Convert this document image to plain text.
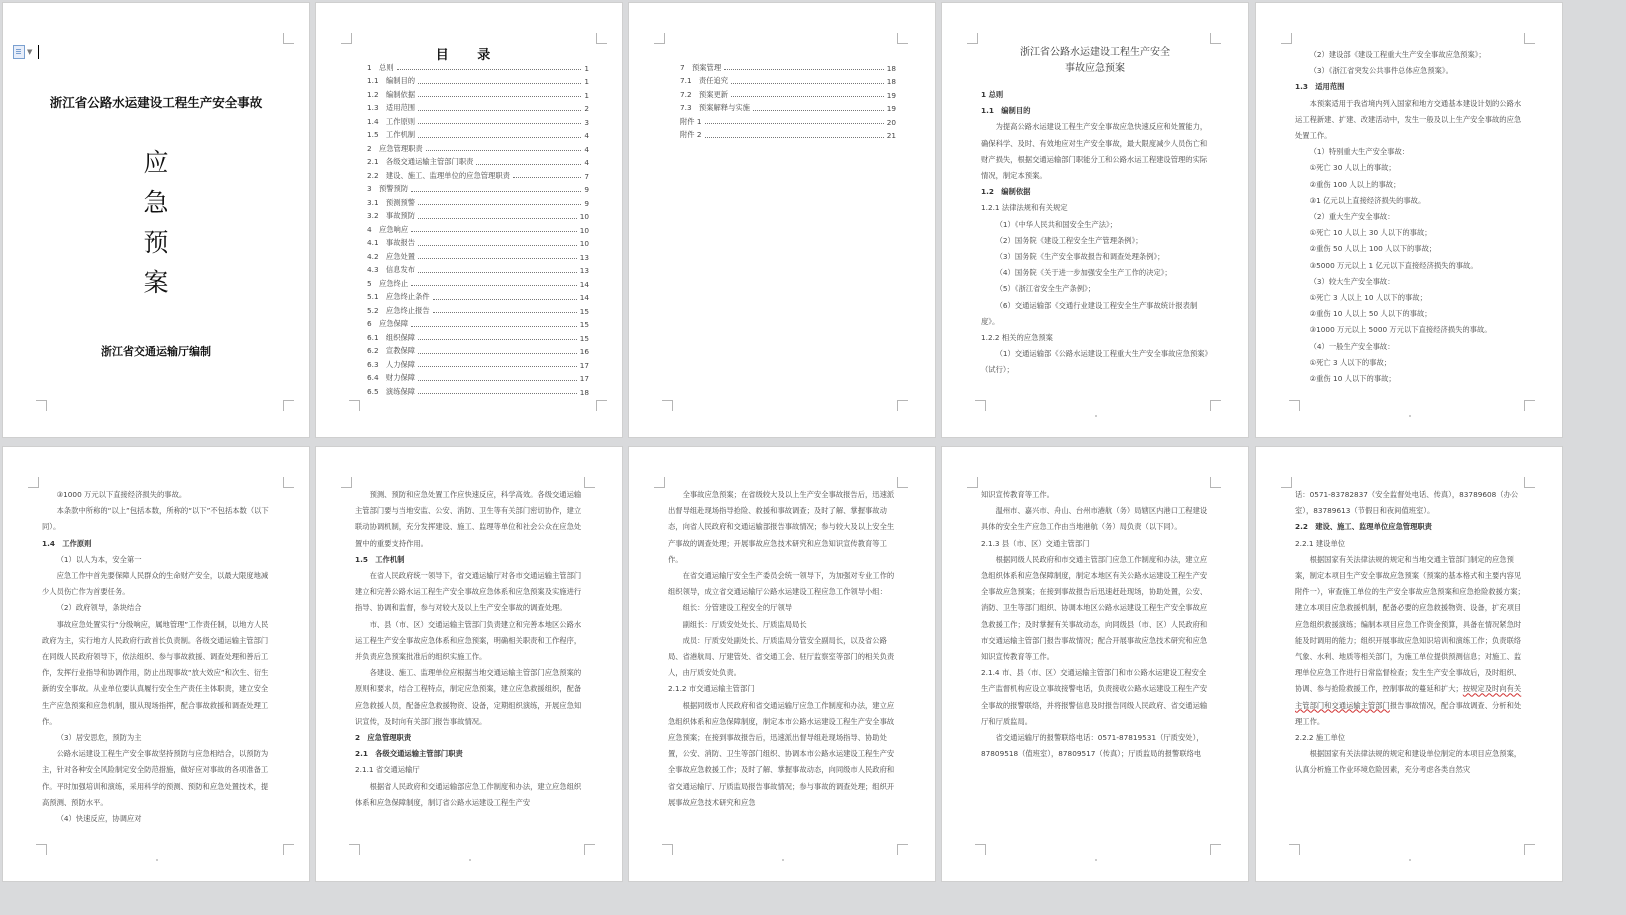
▼
浙江省公路水运建设工程生产安全事故
应
急
预
案
浙江省交通运输厅编制
目 录
1　总则	1
1.1　编制目的	1
1.2　编制依据	1
1.3　适用范围	2
1.4　工作原则	3
1.5　工作机制	4
2　应急管理职责	4
2.1　各级交通运输主管部门职责	4
2.2　建设、施工、监理单位的应急管理职责	7
3　预警预防	9
3.1　预测预警	9
3.2　事故预防	10
4　应急响应	10
4.1　事故报告	10
4.2　应急处置	13
4.3　信息发布	13
5　应急终止	14
5.1　应急终止条件	14
5.2　应急终止报告	15
6　应急保障	15
6.1　组织保障	15
6.2　宣教保障	16
6.3　人力保障	17
6.4　财力保障	17
6.5　演练保障	18
7　预案管理	18
7.1　责任追究	18
7.2　预案更新	19
7.3　预案解释与实施	19
附件 1	20
附件 2	21
浙江省公路水运建设工程生产安全
事故应急预案
1 总则
1.1　编制目的
为提高公路水运建设工程生产安全事故应急快速反应和处置能力，确保科学、及时、有效地应对生产安全事故，最大限度减少人员伤亡和财产损失，根据交通运输部门职能分工和公路水运工程建设管理的实际情况，制定本预案。
1.2　编制依据
1.2.1 法律法规和有关规定
（1）《中华人民共和国安全生产法》；
（2）国务院《建设工程安全生产管理条例》；
（3）国务院《生产安全事故报告和调查处理条例》；
（4）国务院《关于进一步加强安全生产工作的决定》；
（5）《浙江省安全生产条例》；
（6）交通运输部《交通行业建设工程安全生产事故统计报表制度》。
1.2.2 相关的应急预案
（1）交通运输部《公路水运建设工程重大生产安全事故应急预案》（试行）；
（2）建设部《建设工程重大生产安全事故应急预案》；
（3）《浙江省突发公共事件总体应急预案》。
1.3　适用范围
本预案适用于我省境内列入国家和地方交通基本建设计划的公路水运工程新建、扩建、改建活动中，发生一般及以上生产安全事故的应急处置工作。
（1）特别重大生产安全事故：
①死亡 30 人以上的事故；
②重伤 100 人以上的事故；
③1 亿元以上直接经济损失的事故。
（2）重大生产安全事故：
①死亡 10 人以上 30 人以下的事故；
②重伤 50 人以上 100 人以下的事故；
③5000 万元以上 1 亿元以下直接经济损失的事故。
（3）较大生产安全事故：
①死亡 3 人以上 10 人以下的事故；
②重伤 10 人以上 50 人以下的事故；
③1000 万元以上 5000 万元以下直接经济损失的事故。
（4）一般生产安全事故：
①死亡 3 人以下的事故；
②重伤 10 人以下的事故；
③1000 万元以下直接经济损失的事故。
本条款中所称的“以上”包括本数，所称的“以下”不包括本数（以下同）。
1.4　工作原则
（1）以人为本，安全第一
应急工作中首先要保障人民群众的生命财产安全，以最大限度地减少人员伤亡作为首要任务。
（2）政府领导，条块结合
事故应急处置实行“分级响应，属地管理”工作责任制，以地方人民政府为主，实行地方人民政府行政首长负责制。各级交通运输主管部门在同级人民政府领导下，依法组织、参与事故救援、调查处理和善后工作，发挥行业指导和协调作用，防止出现事故“放大效应”和次生、衍生新的安全事故。从业单位要认真履行安全生产责任主体职责，建立安全生产应急预案和应急机制，服从现场指挥，配合事故救援和调查处理工作。
（3）居安思危，预防为主
公路水运建设工程生产安全事故坚持预防与应急相结合，以预防为主，针对各种安全风险制定安全防范措施，做好应对事故的各项准备工作。平时加强培训和演练，采用科学的预测、预防和应急处置技术，提高预测、预防水平。
（4）快速反应，协调应对
预测、预防和应急处置工作应快速反应，科学高效。各级交通运输主管部门要与当地安监、公安、消防、卫生等有关部门密切协作，建立联动协调机制，充分发挥建设、施工、监理等单位和社会公众在应急处置中的重要支持作用。
1.5　工作机制
在省人民政府统一领导下，省交通运输厅对各市交通运输主管部门建立和完善公路水运工程生产安全事故应急体系和应急预案及实施进行指导、协调和监督，参与对较大及以上生产安全事故的调查处理。
市、县（市、区）交通运输主管部门负责建立和完善本地区公路水运工程生产安全事故应急体系和应急预案，明确相关职责和工作程序，并负责应急预案批准后的组织实施工作。
各建设、施工、监理单位应根据当地交通运输主管部门应急预案的原则和要求，结合工程特点，制定应急预案，建立应急救援组织，配备应急救援人员，配备应急救援物资、设备，定期组织演练，开展应急知识宣传，及时向有关部门报告事故情况。
2　应急管理职责
2.1　各级交通运输主管部门职责
2.1.1 省交通运输厅
根据省人民政府和交通运输部应急工作制度和办法，建立应急组织体系和应急保障制度，制订省公路水运建设工程生产安
全事故应急预案；在省级较大及以上生产安全事故报告后，迅速派出督导组赴现场指导抢险、救援和事故调查；及时了解、掌握事故动态，向省人民政府和交通运输部报告事故情况；参与较大及以上安全生产事故的调查处理；开展事故应急技术研究和应急知识宣传教育等工作。
在省交通运输厅安全生产委员会统一领导下，为加强对专业工作的组织领导，成立省交通运输厅公路水运建设工程应急工作领导小组：
组长：分管建设工程安全的厅领导
副组长：厅质安处处长、厅质监局局长
成员：厅质安处副处长、厅质监局分管安全副局长，以及省公路局、省港航局、厅建管处、省交通工会、驻厅监察室等部门的相关负责人，由厅质安处负责。
2.1.2 市交通运输主管部门
根据同级市人民政府和省交通运输厅应急工作制度和办法，建立应急组织体系和应急保障制度，制定本市公路水运建设工程生产安全事故应急预案；在接到事故报告后，迅速派出督导组赴现场指导、协助处置，公安、消防、卫生等部门组织、协调本市公路水运建设工程生产安全事故应急救援工作；及时了解、掌握事故动态，向同级市人民政府和省交通运输厅、厅质监局报告事故情况；参与事故的调查处理；组织开展事故应急技术研究和应急
知识宣传教育等工作。
温州市、嘉兴市、舟山、台州市港航（务）局辖区内港口工程建设具体的安全生产应急工作由当地港航（务）局负责（以下同）。
2.1.3 县（市、区）交通主管部门
根据同级人民政府和市交通主管部门应急工作制度和办法，建立应急组织体系和应急保障制度，制定本地区有关公路水运建设工程生产安全事故应急预案；在接到事故报告后迅速赶赴现场，协助处置，公安、消防、卫生等部门组织、协调本地区公路水运建设工程生产安全事故应急救援工作；及时掌握有关事故动态，向同级县（市、区）人民政府和市交通运输主管部门报告事故情况；配合开展事故应急技术研究和应急知识宣传教育等工作。
2.1.4 市、县（市、区）交通运输主管部门和市公路水运建设工程安全生产监督机构应设立事故接警电话，负责接收公路水运建设工程生产安全事故的报警联络，并将报警信息及时报告同级人民政府、省交通运输厅和厅质监局。
省交通运输厅的报警联络电话：0571-87819531（厅质安处），87809518（值班室），87809517（传真）；厅质监局的报警联络电
话：0571-83782837（安全监督处电话、传真），83789608（办公室），83789613（节假日和夜间值班室）。
2.2　建设、施工、监理单位应急管理职责
2.2.1 建设单位
根据国家有关法律法规的规定和当地交通主管部门制定的应急预案，制定本项目生产安全事故应急预案（预案的基本格式和主要内容见附件一），审查施工单位的生产安全事故应急预案和应急抢险救援方案；建立本项目应急救援机制，配备必要的应急救援物资、设备，扩充项目应急组织救援演练；编制本项目应急工作资金预算，具备在情况紧急时能及时调用的能力；组织开展事故应急知识培训和演练工作；负责联络气象、水利、地质等相关部门，为施工单位提供预测信息；对施工、监理单位应急工作进行日常监督检查；发生生产安全事故后，及时组织、协调、参与抢险救援工作，控制事故的蔓延和扩大；按规定及时向有关主管部门和交通运输主管部门报告事故情况，配合事故调查、分析和处理工作。
2.2.2 施工单位
根据国家有关法律法规的规定和建设单位制定的本项目应急预案，认真分析施工作业环境危险因素，充分考虑各类自然灾
